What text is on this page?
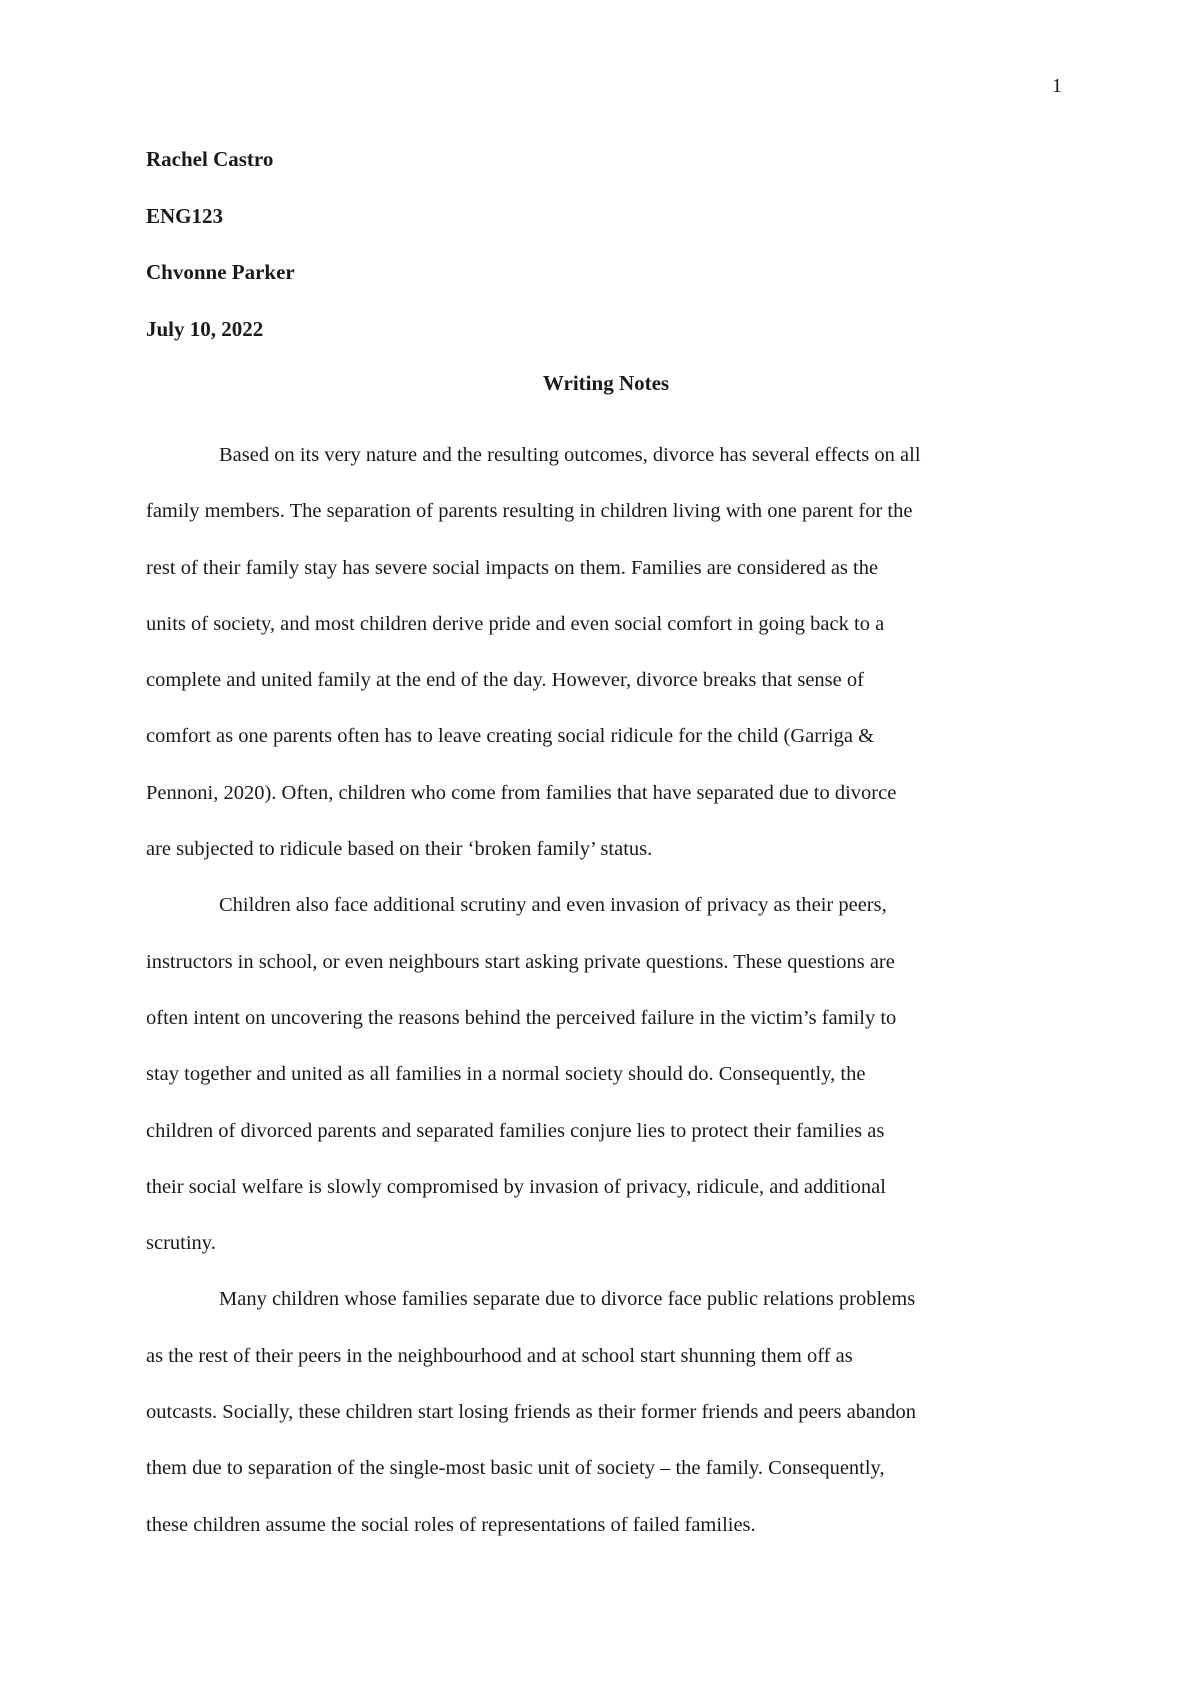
1
Rachel Castro
ENG123
Chvonne Parker
July 10, 2022
Writing Notes

Based on its very nature and the resulting outcomes, divorce has several effects on all
family members. The separation of parents resulting in children living with one parent for the
rest of their family stay has severe social impacts on them. Families are considered as the
units of society, and most children derive pride and even social comfort in going back to a
complete and united family at the end of the day. However, divorce breaks that sense of
comfort as one parents often has to leave creating social ridicule for the child (Garriga &
Pennoni, 2020). Often, children who come from families that have separated due to divorce
are subjected to ridicule based on their ‘broken family’ status.

Children also face additional scrutiny and even invasion of privacy as their peers,
instructors in school, or even neighbours start asking private questions. These questions are
often intent on uncovering the reasons behind the perceived failure in the victim’s family to
stay together and united as all families in a normal society should do. Consequently, the
children of divorced parents and separated families conjure lies to protect their families as
their social welfare is slowly compromised by invasion of privacy, ridicule, and additional
scrutiny.

Many children whose families separate due to divorce face public relations problems
as the rest of their peers in the neighbourhood and at school start shunning them off as
outcasts. Socially, these children start losing friends as their former friends and peers abandon
them due to separation of the single-most basic unit of society – the family. Consequently,
these children assume the social roles of representations of failed families.
